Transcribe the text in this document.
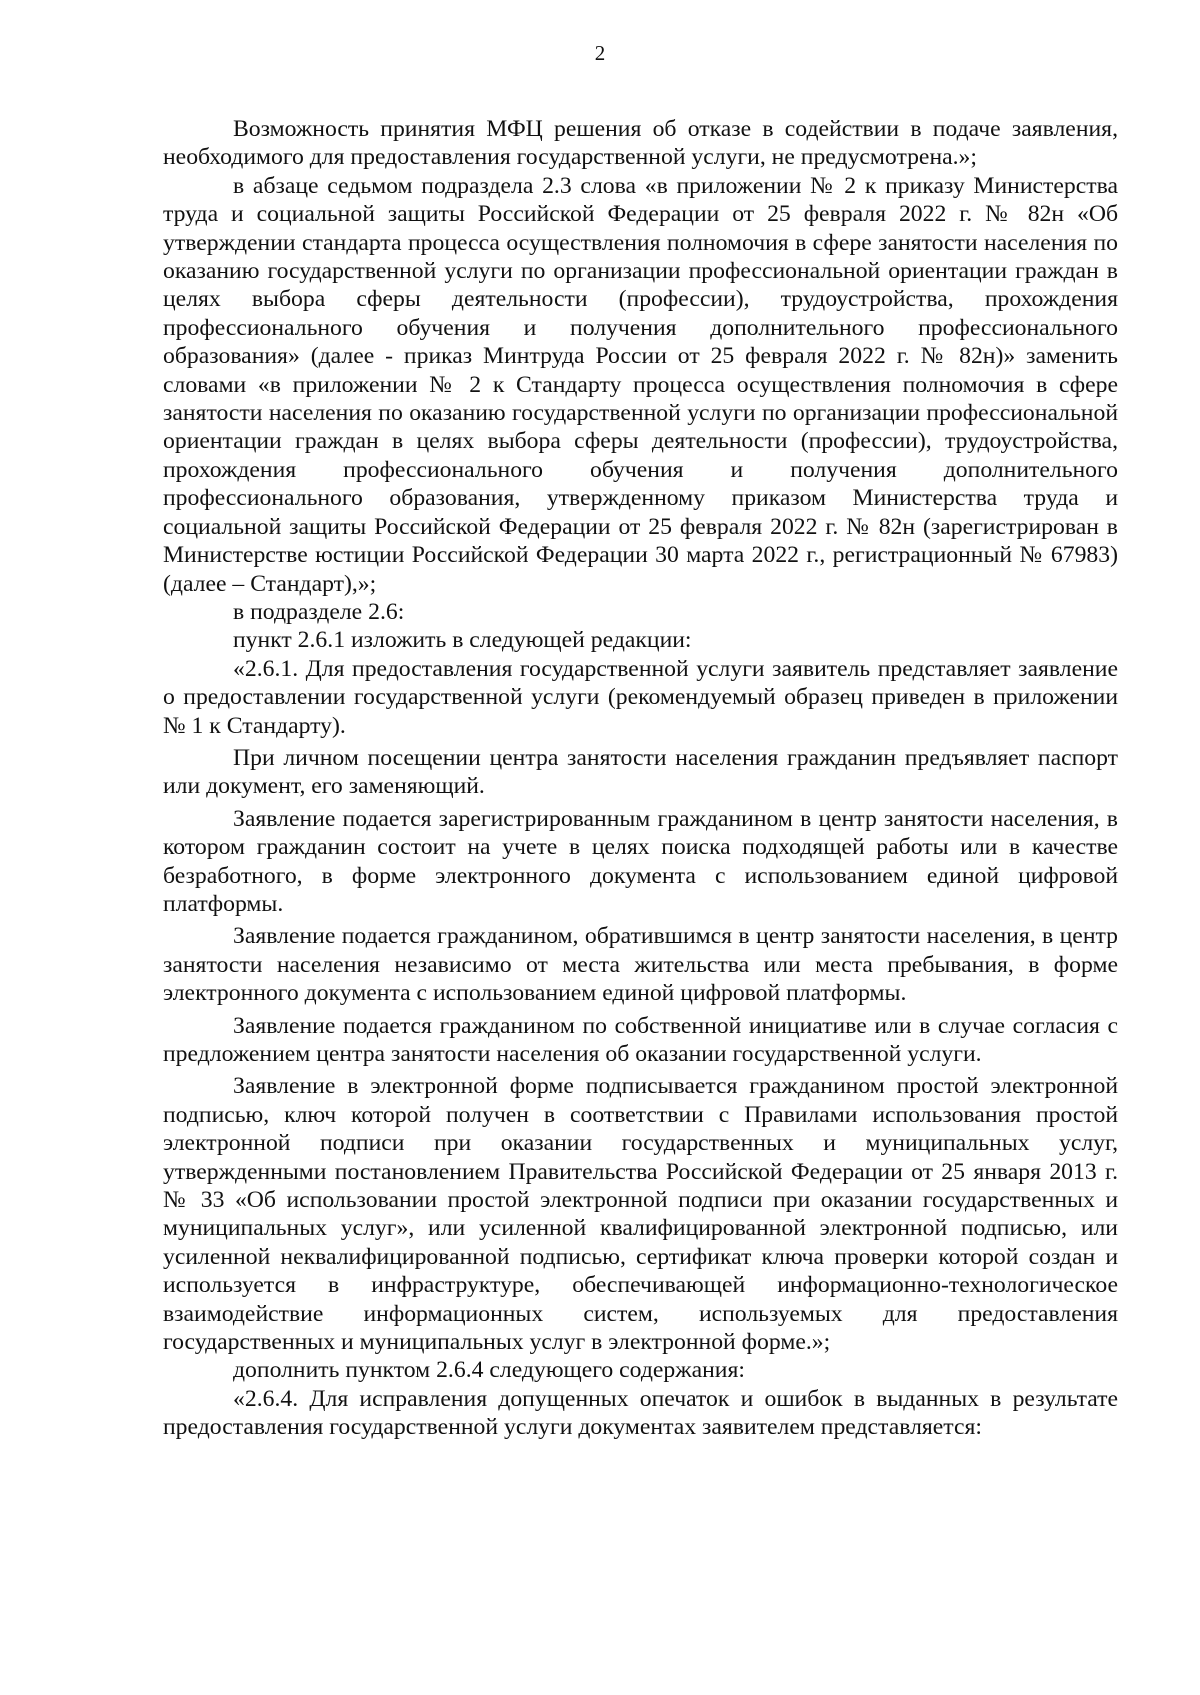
2

Возможность принятия МФЦ решения об отказе в содействии в подаче заявления, необходимого для предоставления государственной услуги, не предусмотрена.»;

в абзаце седьмом подраздела 2.3 слова «в приложении № 2 к приказу Министерства труда и социальной защиты Российской Федерации от 25 февраля 2022 г. № 82н «Об утверждении стандарта процесса осуществления полномочия в сфере занятости населения по оказанию государственной услуги по организации профессиональной ориентации граждан в целях выбора сферы деятельности (профессии), трудоустройства, прохождения профессионального обучения и получения дополнительного профессионального образования» (далее - приказ Минтруда России от 25 февраля 2022 г. № 82н)» заменить словами «в приложении № 2 к Стандарту процесса осуществления полномочия в сфере занятости населения по оказанию государственной услуги по организации профессиональной ориентации граждан в целях выбора сферы деятельности (профессии), трудоустройства, прохождения профессионального обучения и получения дополнительного профессионального образования, утвержденному приказом Министерства труда и социальной защиты Российской Федерации от 25 февраля 2022 г. № 82н (зарегистрирован в Министерстве юстиции Российской Федерации 30 марта 2022 г., регистрационный № 67983) (далее – Стандарт),»;

в подразделе 2.6:

пункт 2.6.1 изложить в следующей редакции:

«2.6.1. Для предоставления государственной услуги заявитель представляет заявление о предоставлении государственной услуги (рекомендуемый образец приведен в приложении № 1 к Стандарту).

При личном посещении центра занятости населения гражданин предъявляет паспорт или документ, его заменяющий.

Заявление подается зарегистрированным гражданином в центр занятости населения, в котором гражданин состоит на учете в целях поиска подходящей работы или в качестве безработного, в форме электронного документа с использованием единой цифровой платформы.

Заявление подается гражданином, обратившимся в центр занятости населения, в центр занятости населения независимо от места жительства или места пребывания, в форме электронного документа с использованием единой цифровой платформы.

Заявление подается гражданином по собственной инициативе или в случае согласия с предложением центра занятости населения об оказании государственной услуги.

Заявление в электронной форме подписывается гражданином простой электронной подписью, ключ которой получен в соответствии с Правилами использования простой электронной подписи при оказании государственных и муниципальных услуг, утвержденными постановлением Правительства Российской Федерации от 25 января 2013 г. № 33 «Об использовании простой электронной подписи при оказании государственных и муниципальных услуг», или усиленной квалифицированной электронной подписью, или усиленной неквалифицированной подписью, сертификат ключа проверки которой создан и используется в инфраструктуре, обеспечивающей информационно-технологическое взаимодействие информационных систем, используемых для предоставления государственных и муниципальных услуг в электронной форме.»;

дополнить пунктом 2.6.4 следующего содержания:

«2.6.4. Для исправления допущенных опечаток и ошибок в выданных в результате предоставления государственной услуги документах заявителем представляется:
